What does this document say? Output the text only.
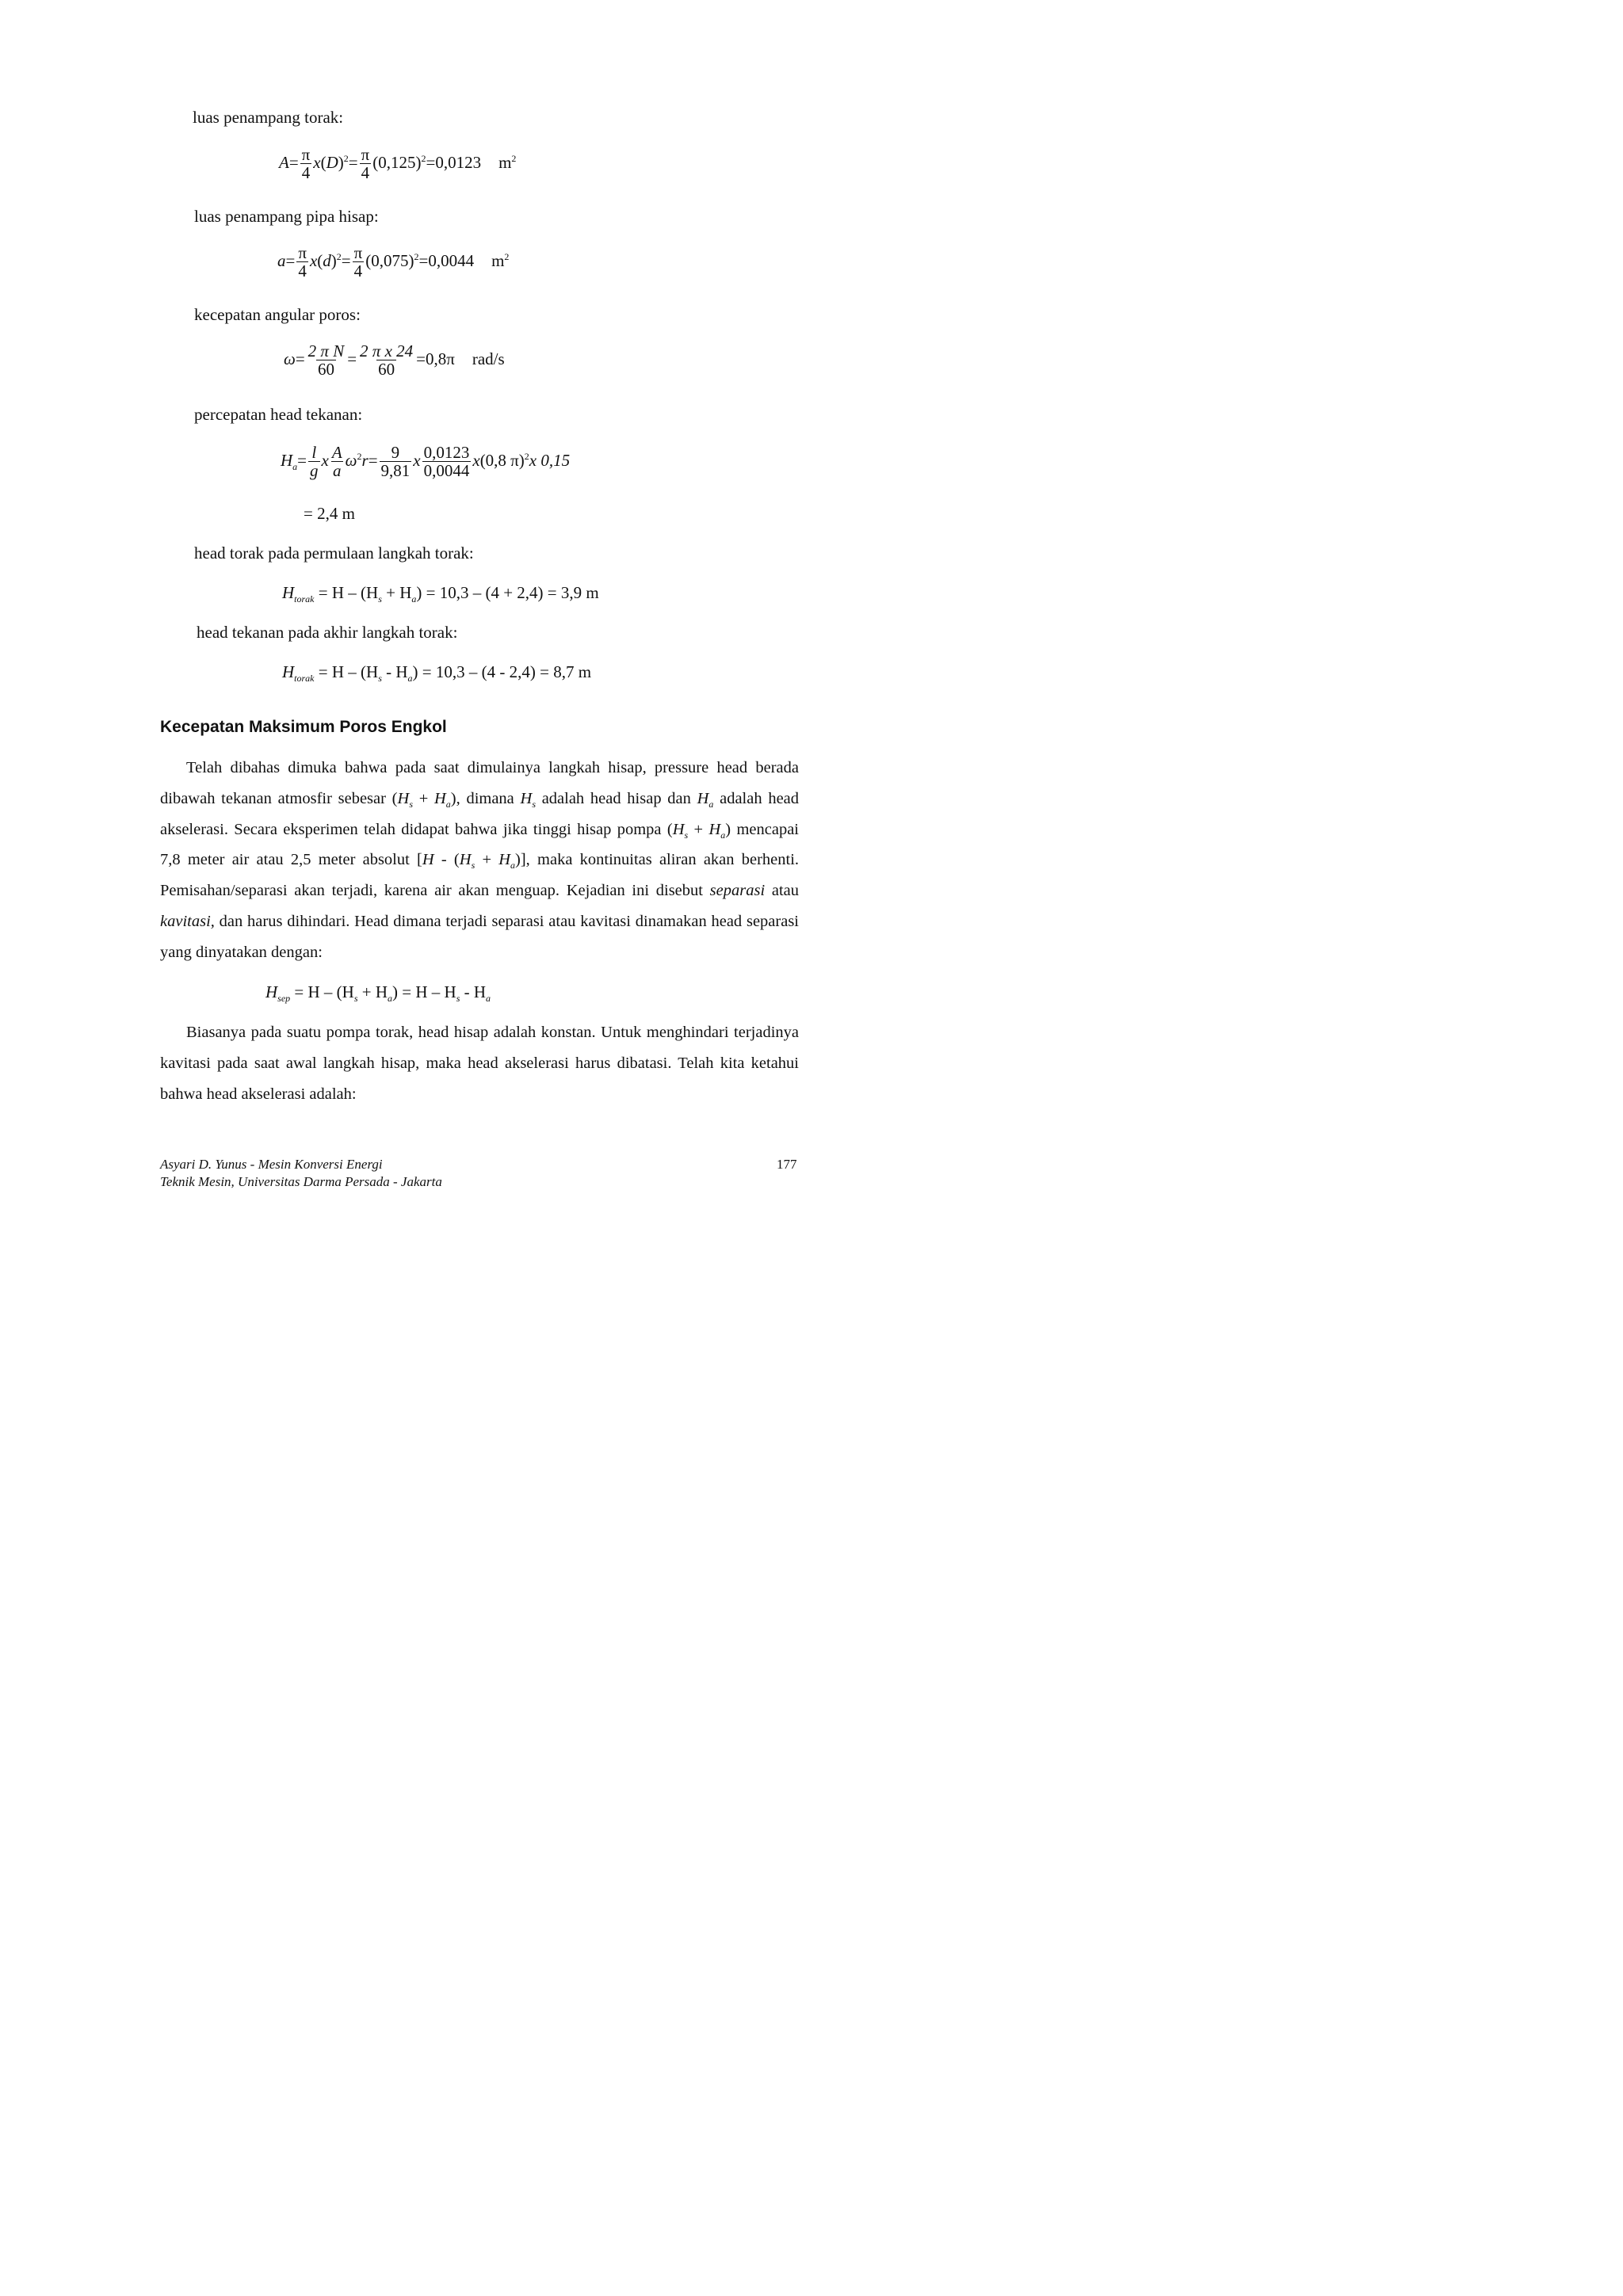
luas penampang torak:
$A= \frac{\pi}{4} x(D)^2= \frac{\pi}{4} (0,125)^2=0,0123$ $m^2$
luas penampang pipa hisap:
$a= \frac{\pi}{4} x(d)^2= \frac{\pi}{4} (0,075)^2=0,0044$ $m^2$
kecepatan angular poros:
$\omega= \frac{\text{2 π N}}{60} = \frac{\text{2 π x 24}}{60} =0,8\pi$ rad/s
percepatan head tekanan:
$H_a= \frac{l}{g}$ x $\frac{A}{a} \omega^2r= \frac{9}{9,81}$ x $\frac{0,0123}{0,0044} x(0,8$ π)$^2$x 0,15
= 2,4 m
head torak pada permulaan langkah torak:
$H_{torak} = H - (H_s + H_a) = 10,3 - (4 + 2,4) = 3,9$ m
head tekanan pada akhir langkah torak:
$H_{torak} = H - (H_s - H_a) = 10,3 - (4 - 2,4) = 8,7$ m
Kecepatan Maksimum Poros Engkol
Telah dibahas dimuka bahwa pada saat dimulainya langkah hisap, pressure head berada dibawah tekanan atmosfir sebesar $(H_s + H_a)$, dimana $H_s$ adalah head hisap dan $H_a$ adalah head akselerasi. Secara eksperimen telah didapat bahwa jika tinggi hisap pompa $(H_s + H_a)$ mencapai 7,8 meter air atau 2,5 meter absolut $[H - (H_s + H_a)]$, maka kontinuitas aliran akan berhenti. Pemisahan/separasi akan terjadi, karena air akan menguap. Kejadian ini disebut separasi atau kavitasi, dan harus dihindari. Head dimana terjadi separasi atau kavitasi dinamakan head separasi yang dinyatakan dengan:
$H_{sep} = H - (H_s + H_a) = H - H_s - H_a$
Biasanya pada suatu pompa torak, head hisap adalah konstan. Untuk menghindari terjadinya kavitasi pada saat awal langkah hisap, maka head akselerasi harus dibatasi. Telah kita ketahui bahwa head akselerasi adalah:
Asyari D. Yunus - Mesin Konversi Energi
Teknik Mesin, Universitas Darma Persada - Jakarta
177
